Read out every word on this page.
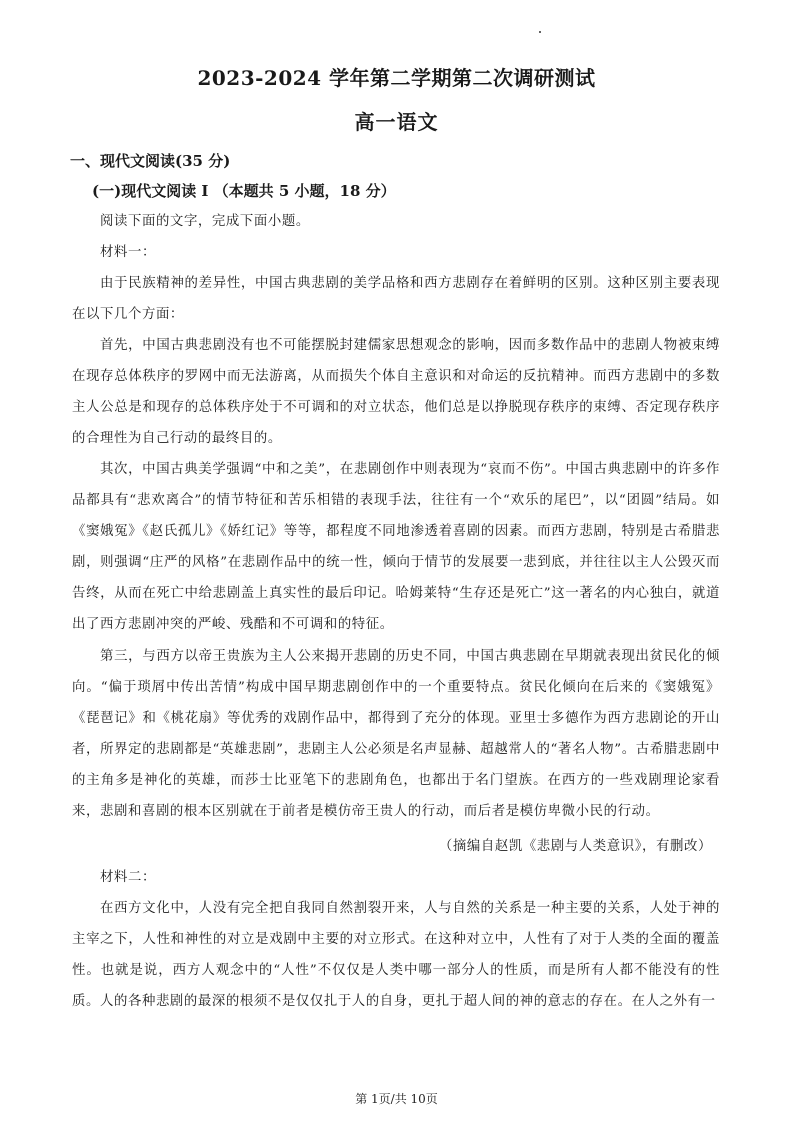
2023-2024 学年第二学期第二次调研测试
高一语文
一、现代文阅读(35 分)
(一)现代文阅读 I （本题共 5 小题，18 分）
阅读下面的文字，完成下面小题。
材料一：
由于民族精神的差异性，中国古典悲剧的美学品格和西方悲剧存在着鲜明的区别。这种区别主要表现在以下几个方面：
首先，中国古典悲剧没有也不可能摆脱封建儒家思想观念的影响，因而多数作品中的悲剧人物被束缚在现存总体秩序的罗网中而无法游离，从而损失个体自主意识和对命运的反抗精神。而西方悲剧中的多数主人公总是和现存的总体秩序处于不可调和的对立状态，他们总是以挣脱现存秩序的束缚、否定现存秩序的合理性为自己行动的最终目的。
其次，中国古典美学强调“中和之美”，在悲剧创作中则表现为“哀而不伤”。中国古典悲剧中的许多作品都具有“悲欢离合”的情节特征和苦乐相错的表现手法，往往有一个“欢乐的尾巴”，以“团圆”结局。如《窦娥冤》《赵氏孤儿》《娇红记》等等，都程度不同地渗透着喜剧的因素。而西方悲剧，特别是古希腊悲剧，则强调“庄严的风格”在悲剧作品中的统一性，倾向于情节的发展要一悲到底，并往往以主人公毁灭而告终，从而在死亡中给悲剧盖上真实性的最后印记。哈姆莱特“生存还是死亡”这一著名的内心独白，就道出了西方悲剧冲突的严峻、残酷和不可调和的特征。
第三，与西方以帝王贵族为主人公来揭开悲剧的历史不同，中国古典悲剧在早期就表现出贫民化的倾向。“偏于琐屑中传出苦情”构成中国早期悲剧创作中的一个重要特点。贫民化倾向在后来的《窦娥冤》《琵琶记》和《桃花扇》等优秀的戏剧作品中，都得到了充分的体现。亚里士多德作为西方悲剧论的开山者，所界定的悲剧都是“英雄悲剧”，悲剧主人公必须是名声显赫、超越常人的“著名人物”。古希腊悲剧中的主角多是神化的英雄，而莎士比亚笔下的悲剧角色，也都出于名门望族。在西方的一些戏剧理论家看来，悲剧和喜剧的根本区别就在于前者是模仿帝王贵人的行动，而后者是模仿卑微小民的行动。
（摘编自赵凯《悲剧与人类意识》，有删改）
材料二：
在西方文化中，人没有完全把自我同自然割裂开来，人与自然的关系是一种主要的关系，人处于神的主宰之下，人性和神性的对立是戏剧中主要的对立形式。在这种对立中，人性有了对于人类的全面的覆盖性。也就是说，西方人观念中的“人性”不仅仅是人类中哪一部分人的性质，而是所有人都不能没有的性质。人的各种悲剧的最深的根须不是仅仅扎于人的自身，更扎于超人间的神的意志的存在。在人之外有一
第 1页/共 10页
